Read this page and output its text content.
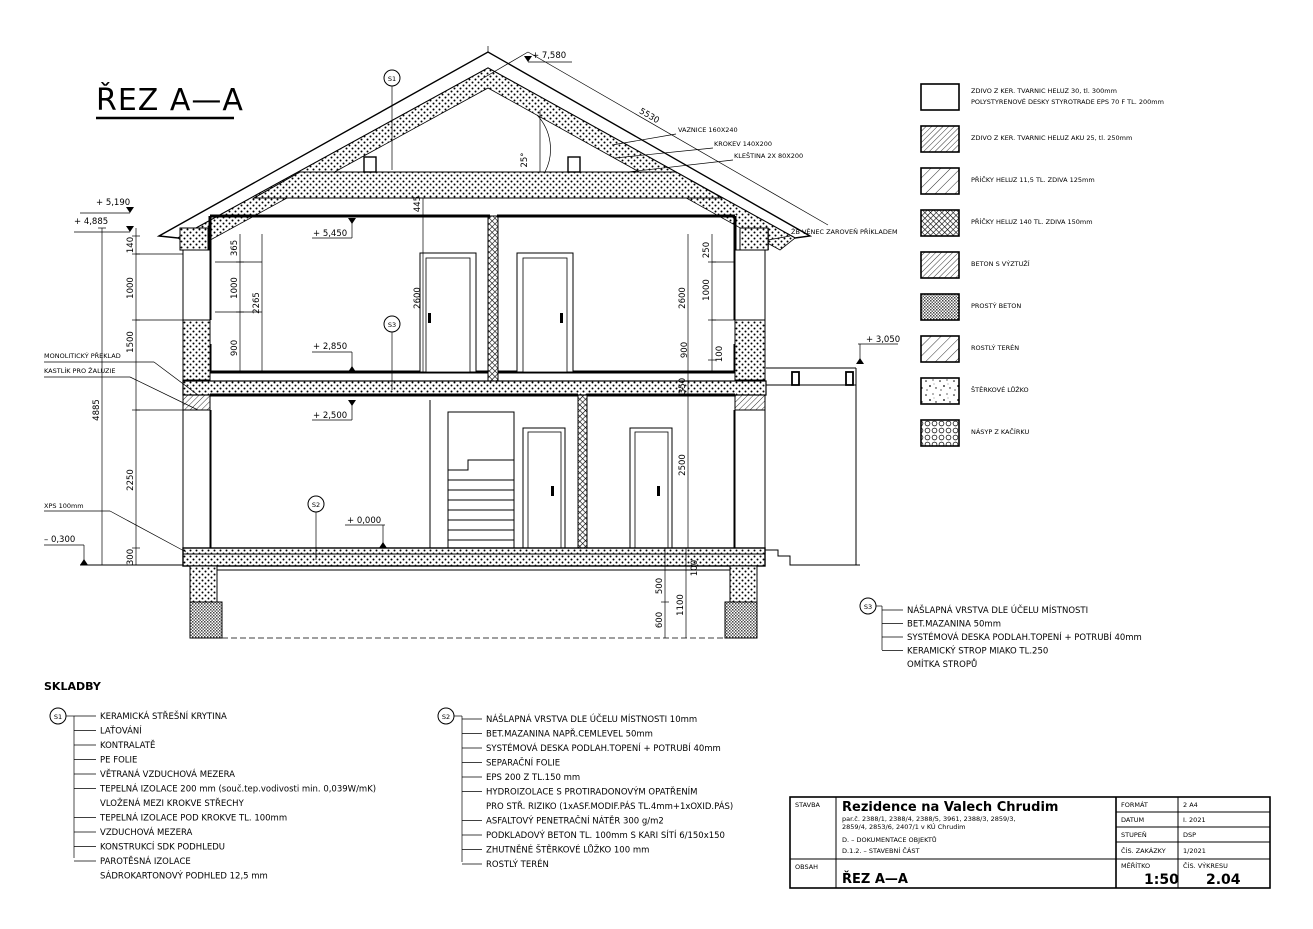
ŘEZ A—A
+ 7,580
+ 5,190
+ 4,885
+ 5,450
+ 2,850
+ 2,500
+ 0,000
– 0,300
+ 3,050
4885
140
1000
1500
2250
300
365
1000
900
2265	2600
250
1000
900	100
445
2600
350
2500
100
500
600
1100
5530
25°
VAZNICE 160X240
KROKEV 140X200
KLEŠTINA 2X 80X200
ŽB VĚNEC ZAROVEŇ PŘÍKLADEM
MONOLITICKÝ PŘEKLAD
KASTLÍK PRO ŽALUZIE
XPS 100mm
S1
S3
S2
ZDIVO Z KER. TVARNIC HELUZ 30, tl. 300mm
POLYSTYRENOVÉ DESKY STYROTRADE EPS 70 F TL. 200mm
ZDIVO Z KER. TVARNIC HELUZ AKU 25, tl. 250mm
PŘÍČKY HELUZ 11,5 TL. ZDIVA 125mm
PŘÍČKY HELUZ 140 TL. ZDIVA 150mm
BETON S VÝZTUŽÍ
PROSTÝ BETON
ROSTLÝ TERÉN
ŠTĚRKOVÉ LŮŽKO
NÁSYP Z KAČÍRKU
S3	NÁŠLAPNÁ VRSTVA DLE ÚČELU MÍSTNOSTI
BET.MAZANINA 50mm
SYSTÉMOVÁ DESKA PODLAH.TOPENÍ + POTRUBÍ 40mm
KERAMICKÝ STROP MIAKO TL.250
OMÍTKA STROPŮ
SKLADBY
S1	KERAMICKÁ STŘEŠNÍ KRYTINA
LAŤOVÁNÍ
KONTRALATĚ
PE FOLIE
VĚTRANÁ VZDUCHOVÁ MEZERA
TEPELNÁ IZOLACE 200 mm (souč.tep.vodivosti min. 0,039W/mK)
VLOŽENÁ MEZI KROKVE STŘECHY
TEPELNÁ IZOLACE POD KROKVE TL. 100mm
VZDUCHOVÁ MEZERA
KONSTRUKCÍ SDK PODHLEDU
PAROTĚSNÁ IZOLACE
SÁDROKARTONOVÝ PODHLED 12,5 mm
S2	NÁŠLAPNÁ VRSTVA DLE ÚČELU MÍSTNOSTI 10mm
BET.MAZANINA NAPŘ.CEMLEVEL 50mm
SYSTÉMOVÁ DESKA PODLAH.TOPENÍ + POTRUBÍ 40mm
SEPARAČNÍ FOLIE
EPS 200 Z TL.150 mm
HYDROIZOLACE S PROTIRADONOVÝM OPATŘENÍM
PRO STŘ. RIZIKO (1xASF.MODIF.PÁS TL.4mm+1xOXID.PÁS)
ASFALTOVÝ PENETRAČNÍ NÁTĚR 300 g/m2
PODKLADOVÝ BETON TL. 100mm S KARI SÍTÍ 6/150x150
ZHUTNĚNÉ ŠTĚRKOVÉ LŮŽKO 100 mm
ROSTLÝ TERÉN
STAVBA Rezidence na Valech Chrudim
par.č. 2388/1, 2388/4, 2388/5, 3961, 2388/3, 2859/3,
2859/4, 2853/6, 2407/1 v KÚ Chrudim
D. – DOKUMENTACE OBJEKTŮ
D.1.2. – STAVEBNÍ ČÁST
OBSAH
ŘEZ A—A
FORMÁT	2 A4
DATUM	I. 2021
STUPEŇ	DSP
ČÍS. ZAKÁZKY	1/2021
MĚŘÍTKO
1:50
ČÍS. VÝKRESU
2.04
